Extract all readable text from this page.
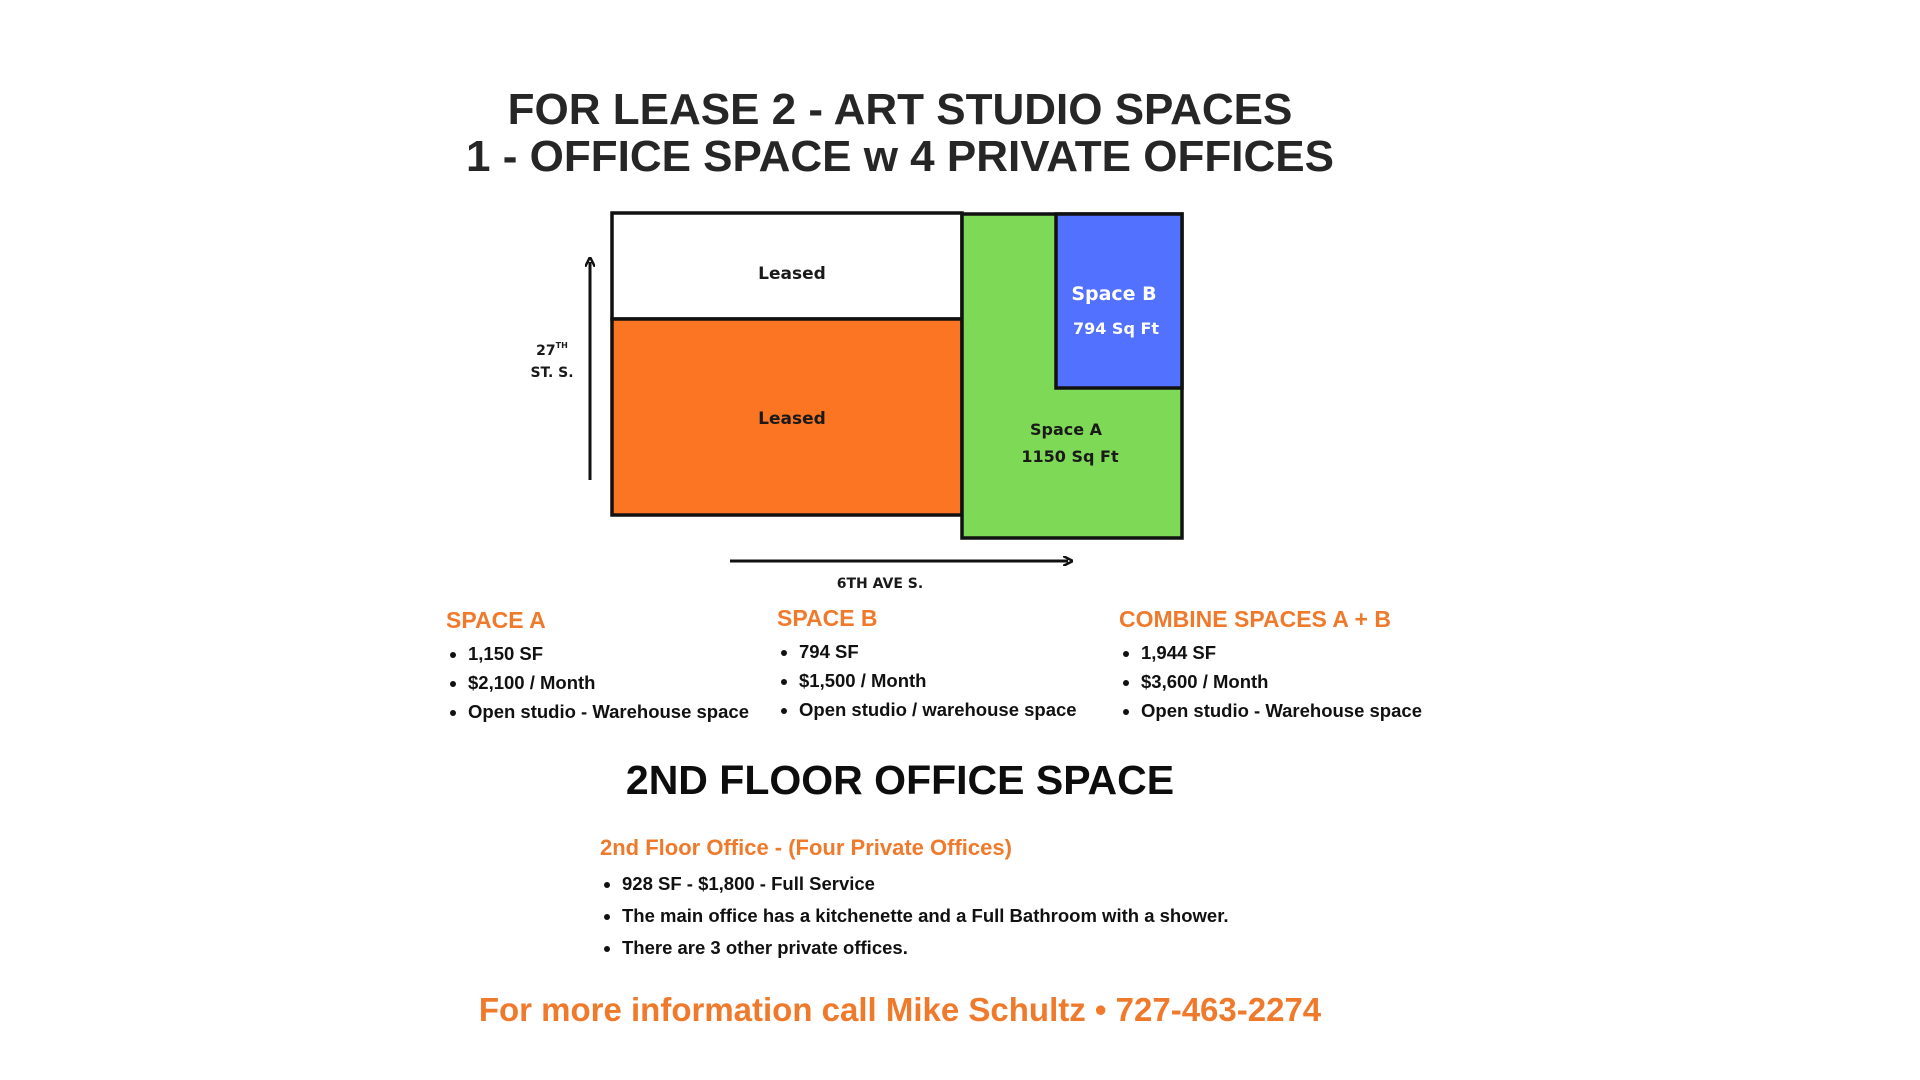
FOR LEASE 2 - ART STUDIO SPACES
1 - OFFICE SPACE w 4 PRIVATE OFFICES
Leased
Leased
Space B
794 Sq Ft
Space A
1150 Sq Ft
27TH
ST. S.
6TH AVE S.
SPACE A
• 1,150 SF
• $2,100 / Month
• Open studio - Warehouse space
SPACE B
• 794 SF
• $1,500 / Month
• Open studio / warehouse space
COMBINE SPACES A + B
• 1,944 SF
• $3,600 / Month
• Open studio - Warehouse space
2ND FLOOR OFFICE SPACE
2nd Floor Office - (Four Private Offices)
• 928 SF - $1,800 - Full Service
• The main office has a kitchenette and a Full Bathroom with a shower.
• There are 3 other private offices.

For more information call Mike Schultz • 727-463-2274
